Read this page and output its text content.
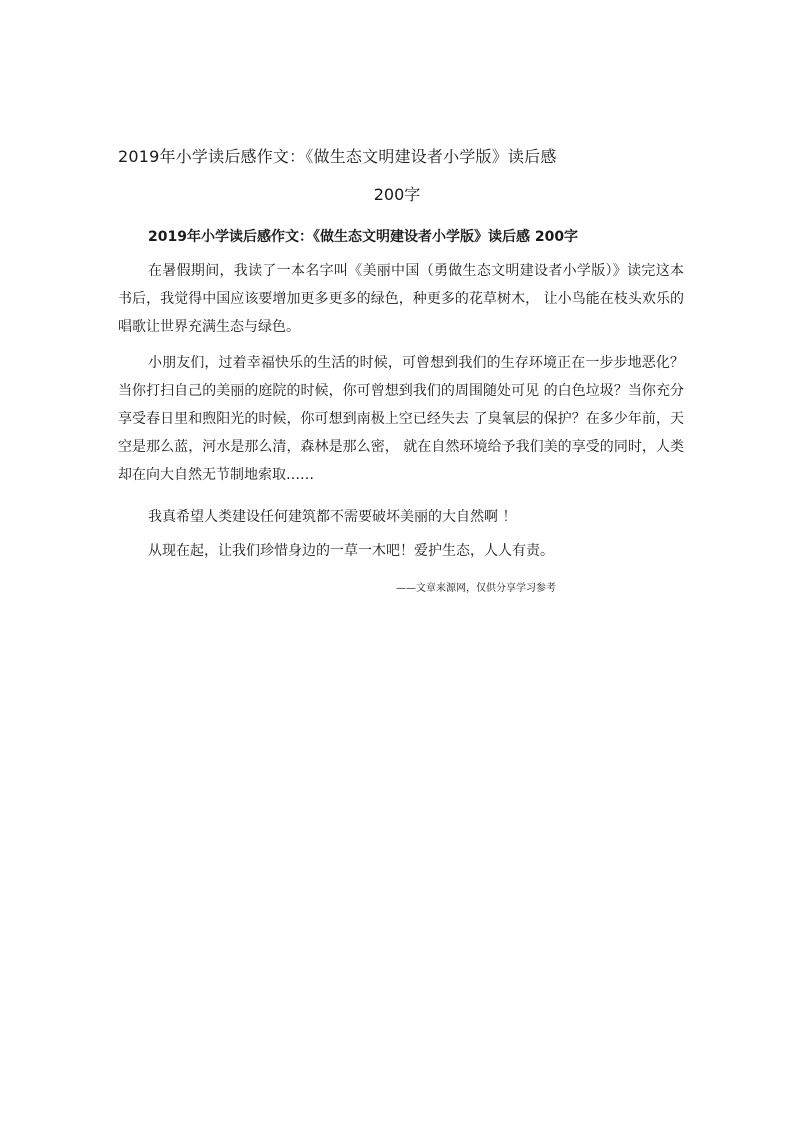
2019年小学读后感作文：《做生态文明建设者小学版》读后感
200字
2019年小学读后感作文：《做生态文明建设者小学版》读后感 200字
在暑假期间，我读了一本名字叫《美丽中国（勇做生态文明建设者小学版）》读完这本书后，我觉得中国应该要增加更多更多的绿色，种更多的花草树木， 让小鸟能在枝头欢乐的唱歌让世界充满生态与绿色。
小朋友们，过着幸福快乐的生活的时候，可曾想到我们的生存环境正在一步步地恶化？当你打扫自己的美丽的庭院的时候，你可曾想到我们的周围随处可见 的白色垃圾？当你充分享受春日里和煦阳光的时候，你可想到南极上空已经失去 了臭氧层的保护？在多少年前，天空是那么蓝，河水是那么清，森林是那么密， 就在自然环境给予我们美的享受的同时，人类却在向大自然无节制地索取……
我真希望人类建设任何建筑都不需要破坏美丽的大自然啊 ！
从现在起，让我们珍惜身边的一草一木吧！爱护生态，人人有责。
——文章来源网，仅供分享学习参考
